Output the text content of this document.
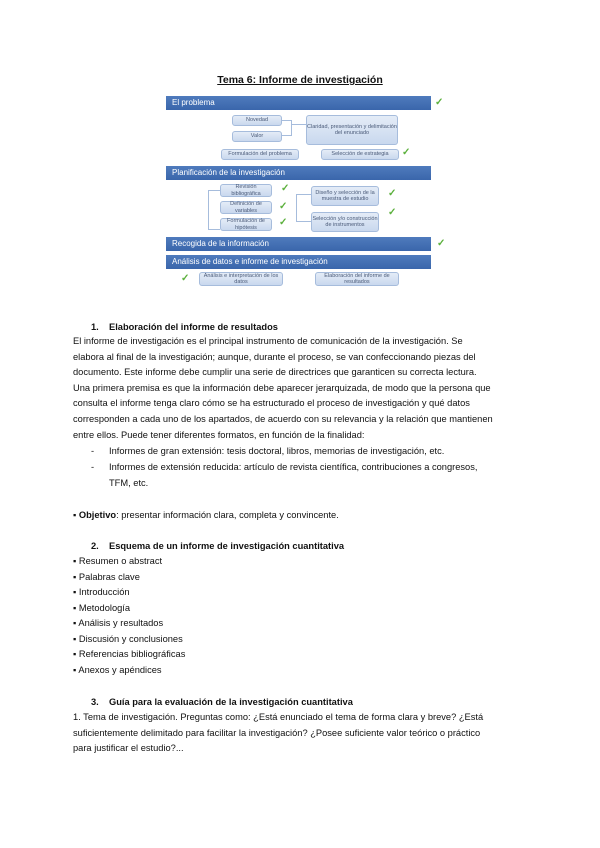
Tema 6: Informe de investigación
El problema	✓
Novedad
Valor
Claridad, presentación y delimitación del enunciado
Formulación del problema	Selección de estrategia	✓
Planificación de la investigación
Revisión bibliográfica	✓
Definición de variables	✓
Formulación de hipótesis	✓
Diseño y selección de la muestra de estudio	✓
Selección y/o construcción de instrumentos
✓
Recogida de la información	✓
Análisis de datos e informe de investigación
✓	Análisis e interpretación de los datos
Elaboración del informe de resultados
1. Elaboración del informe de resultados
El informe de investigación es el principal instrumento de comunicación de la investigación. Se
elabora al final de la investigación; aunque, durante el proceso, se van confeccionando piezas del
documento. Este informe debe cumplir una serie de directrices que garanticen su correcta lectura.
Una primera premisa es que la información debe aparecer jerarquizada, de modo que la persona que
consulta el informe tenga claro cómo se ha estructurado el proceso de investigación y qué datos
corresponden a cada uno de los apartados, de acuerdo con su relevancia y la relación que mantienen
entre ellos. Puede tener diferentes formatos, en función de la finalidad:
- Informes de gran extensión: tesis doctoral, libros, memorias de investigación, etc.
- Informes de extensión reducida: artículo de revista científica, contribuciones a congresos,
TFM, etc.
▪ Objetivo: presentar información clara, completa y convincente.
2. Esquema de un informe de investigación cuantitativa
▪ Resumen o abstract
▪ Palabras clave
▪ Introducción
▪ Metodología
▪ Análisis y resultados
▪ Discusión y conclusiones
▪ Referencias bibliográficas
▪ Anexos y apéndices
3. Guía para la evaluación de la investigación cuantitativa
1. Tema de investigación. Preguntas como: ¿Está enunciado el tema de forma clara y breve? ¿Está
suficientemente delimitado para facilitar la investigación? ¿Posee suficiente valor teórico o práctico
para justificar el estudio?...
